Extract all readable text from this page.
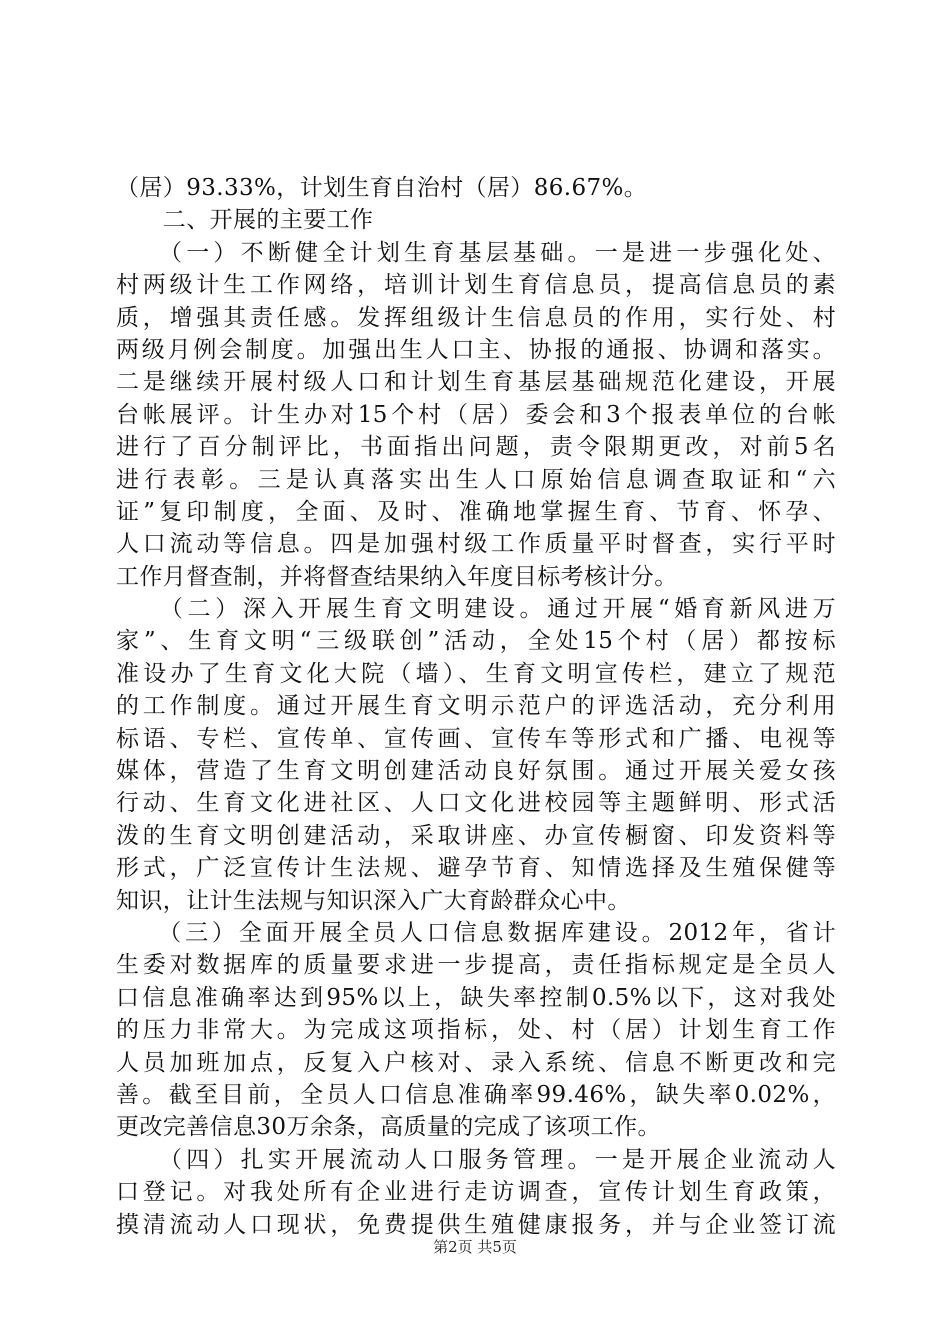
（居）93.33%，计划生育自治村（居）86.67%。
　　二、开展的主要工作
　　（一）不断健全计划生育基层基础。一是进一步强化处、
村两级计生工作网络，培训计划生育信息员，提高信息员的素
质，增强其责任感。发挥组级计生信息员的作用，实行处、村
两级月例会制度。加强出生人口主、协报的通报、协调和落实。
二是继续开展村级人口和计划生育基层基础规范化建设，开展
台帐展评。计生办对15个村（居）委会和3个报表单位的台帐
进行了百分制评比，书面指出问题，责令限期更改，对前5名
进行表彰。三是认真落实出生人口原始信息调查取证和“六
证”复印制度，全面、及时、准确地掌握生育、节育、怀孕、
人口流动等信息。四是加强村级工作质量平时督查，实行平时
工作月督查制，并将督查结果纳入年度目标考核计分。
　　（二）深入开展生育文明建设。通过开展“婚育新风进万
家”、生育文明“三级联创”活动，全处15个村（居）都按标
准设办了生育文化大院（墙）、生育文明宣传栏，建立了规范
的工作制度。通过开展生育文明示范户的评选活动，充分利用
标语、专栏、宣传单、宣传画、宣传车等形式和广播、电视等
媒体，营造了生育文明创建活动良好氛围。通过开展关爱女孩
行动、生育文化进社区、人口文化进校园等主题鲜明、形式活
泼的生育文明创建活动，采取讲座、办宣传橱窗、印发资料等
形式，广泛宣传计生法规、避孕节育、知情选择及生殖保健等
知识，让计生法规与知识深入广大育龄群众心中。
　　（三）全面开展全员人口信息数据库建设。2012年，省计
生委对数据库的质量要求进一步提高，责任指标规定是全员人
口信息准确率达到95%以上，缺失率控制0.5%以下，这对我处
的压力非常大。为完成这项指标，处、村（居）计划生育工作
人员加班加点，反复入户核对、录入系统、信息不断更改和完
善。截至目前，全员人口信息准确率99.46%，缺失率0.02%，
更改完善信息30万余条，高质量的完成了该项工作。
　　（四）扎实开展流动人口服务管理。一是开展企业流动人
口登记。对我处所有企业进行走访调查，宣传计划生育政策，
摸清流动人口现状，免费提供生殖健康报务，并与企业签订流
第2页 共5页
